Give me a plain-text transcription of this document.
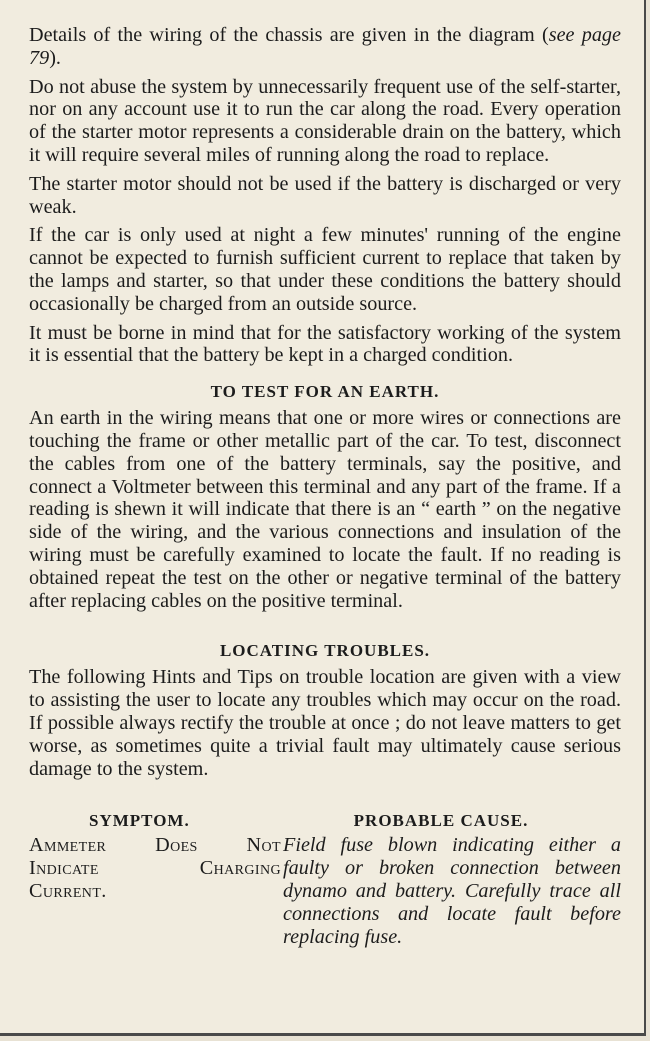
Details of the wiring of the chassis are given in the diagram (see page 79).

Do not abuse the system by unnecessarily frequent use of the self-starter, nor on any account use it to run the car along the road. Every operation of the starter motor represents a considerable drain on the battery, which it will require several miles of running along the road to replace.

The starter motor should not be used if the battery is discharged or very weak.

If the car is only used at night a few minutes' running of the engine cannot be expected to furnish sufficient current to replace that taken by the lamps and starter, so that under these conditions the battery should occasionally be charged from an outside source.

It must be borne in mind that for the satisfactory working of the system it is essential that the battery be kept in a charged condition.

TO TEST FOR AN EARTH.

An earth in the wiring means that one or more wires or connections are touching the frame or other metallic part of the car. To test, disconnect the cables from one of the battery terminals, say the positive, and connect a Voltmeter between this terminal and any part of the frame. If a reading is shewn it will indicate that there is an “ earth ” on the negative side of the wiring, and the various connections and insulation of the wiring must be carefully examined to locate the fault. If no reading is obtained repeat the test on the other or negative terminal of the battery after replacing cables on the positive terminal.

LOCATING TROUBLES.

The following Hints and Tips on trouble location are given with a view to assisting the user to locate any troubles which may occur on the road. If possible always rectify the trouble at once ; do not leave matters to get worse, as sometimes quite a trivial fault may ultimately cause serious damage to the system.

SYMPTOM.	PROBABLE CAUSE.
Ammeter Does Not
Indicate Charging
Current.
Field fuse blown indicating either a faulty or broken connection between dynamo and battery. Carefully trace all connections and locate fault before replacing fuse.
